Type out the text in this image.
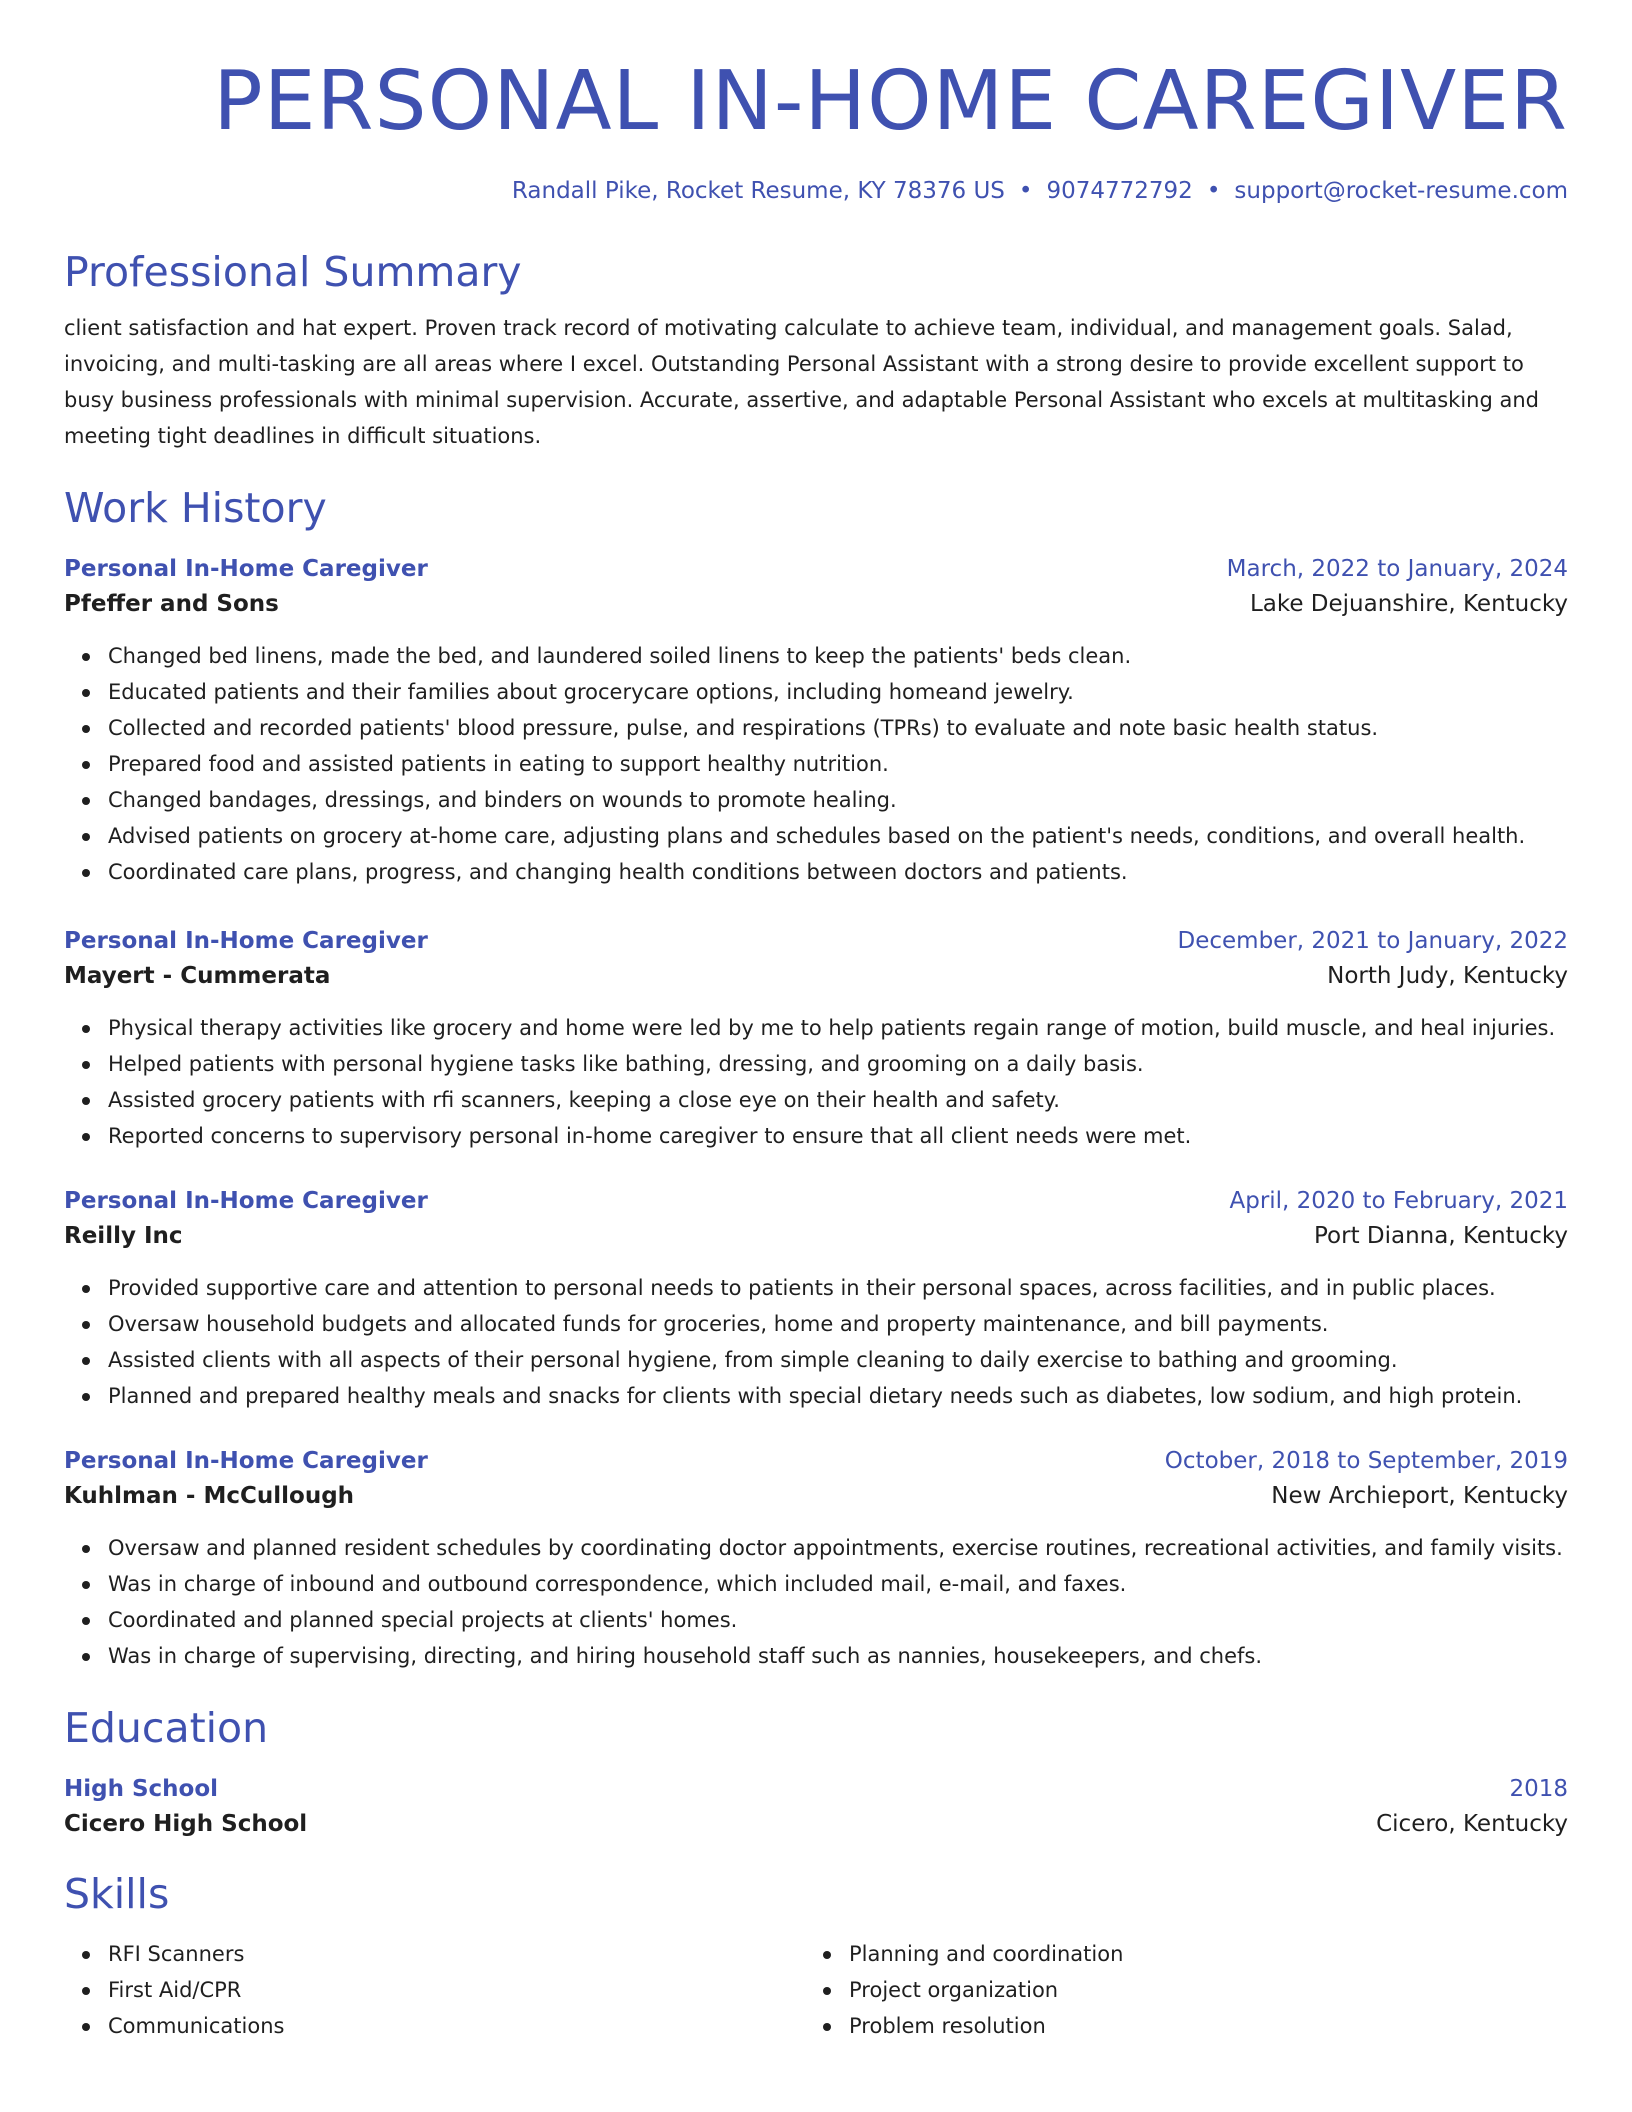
PERSONAL IN-HOME CAREGIVER
Randall Pike, Rocket Resume, KY 78376 US • 9074772792 • support@rocket-resume.com
Professional Summary
client satisfaction and hat expert. Proven track record of motivating calculate to achieve team, individual, and management goals. Salad, invoicing, and multi-tasking are all areas where I excel. Outstanding Personal Assistant with a strong desire to provide excellent support to busy business professionals with minimal supervision. Accurate, assertive, and adaptable Personal Assistant who excels at multitasking and meeting tight deadlines in difficult situations.
Work History
Personal In-Home Caregiver	March, 2022 to January, 2024
Pfeffer and Sons	Lake Dejuanshire, Kentucky
Changed bed linens, made the bed, and laundered soiled linens to keep the patients' beds clean.
Educated patients and their families about grocerycare options, including homeand jewelry.
Collected and recorded patients' blood pressure, pulse, and respirations (TPRs) to evaluate and note basic health status.
Prepared food and assisted patients in eating to support healthy nutrition.
Changed bandages, dressings, and binders on wounds to promote healing.
Advised patients on grocery at-home care, adjusting plans and schedules based on the patient's needs, conditions, and overall health.
Coordinated care plans, progress, and changing health conditions between doctors and patients.
Personal In-Home Caregiver	December, 2021 to January, 2022
Mayert - Cummerata	North Judy, Kentucky
Physical therapy activities like grocery and home were led by me to help patients regain range of motion, build muscle, and heal injuries.
Helped patients with personal hygiene tasks like bathing, dressing, and grooming on a daily basis.
Assisted grocery patients with rfi scanners, keeping a close eye on their health and safety.
Reported concerns to supervisory personal in-home caregiver to ensure that all client needs were met.
Personal In-Home Caregiver	April, 2020 to February, 2021
Reilly Inc	Port Dianna, Kentucky
Provided supportive care and attention to personal needs to patients in their personal spaces, across facilities, and in public places.
Oversaw household budgets and allocated funds for groceries, home and property maintenance, and bill payments.
Assisted clients with all aspects of their personal hygiene, from simple cleaning to daily exercise to bathing and grooming.
Planned and prepared healthy meals and snacks for clients with special dietary needs such as diabetes, low sodium, and high protein.
Personal In-Home Caregiver	October, 2018 to September, 2019
Kuhlman - McCullough	New Archieport, Kentucky
Oversaw and planned resident schedules by coordinating doctor appointments, exercise routines, recreational activities, and family visits.
Was in charge of inbound and outbound correspondence, which included mail, e-mail, and faxes.
Coordinated and planned special projects at clients' homes.
Was in charge of supervising, directing, and hiring household staff such as nannies, housekeepers, and chefs.
Education
High School	2018
Cicero High School	Cicero, Kentucky
Skills
RFI Scanners
First Aid/CPR
Communications
Planning and coordination
Project organization
Problem resolution
